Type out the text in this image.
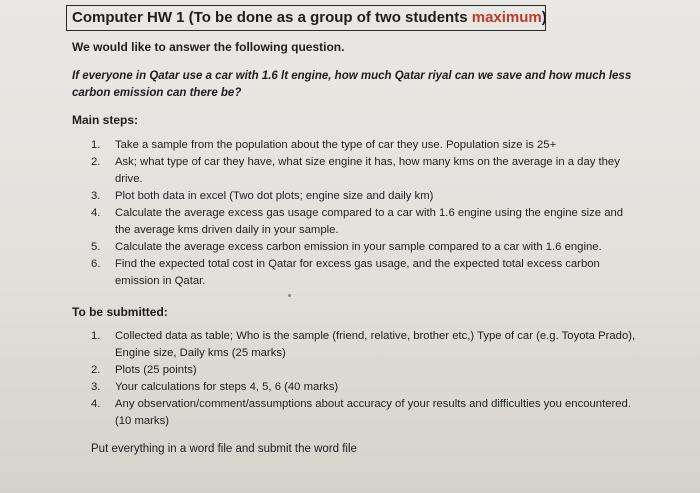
Computer HW 1 (To be done as a group of two students maximum)

We would like to answer the following question.

If everyone in Qatar use a car with 1.6 lt engine, how much Qatar riyal can we save and how much less carbon emission can there be?

Main steps:

1. Take a sample from the population about the type of car they use. Population size is 25+
2. Ask; what type of car they have, what size engine it has, how many kms on the average in a day they drive.
3. Plot both data in excel (Two dot plots; engine size and daily km)
4. Calculate the average excess gas usage compared to a car with 1.6 engine using the engine size and the average kms driven daily in your sample.
5. Calculate the average excess carbon emission in your sample compared to a car with 1.6 engine.
6. Find the expected total cost in Qatar for excess gas usage, and the expected total excess carbon emission in Qatar.

To be submitted:

1. Collected data as table; Who is the sample (friend, relative, brother etc,) Type of car (e.g. Toyota Prado), Engine size, Daily kms (25 marks)
2. Plots (25 points)
3. Your calculations for steps 4, 5, 6 (40 marks)
4. Any observation/comment/assumptions about accuracy of your results and difficulties you encountered. (10 marks)

Put everything in a word file and submit the word file
